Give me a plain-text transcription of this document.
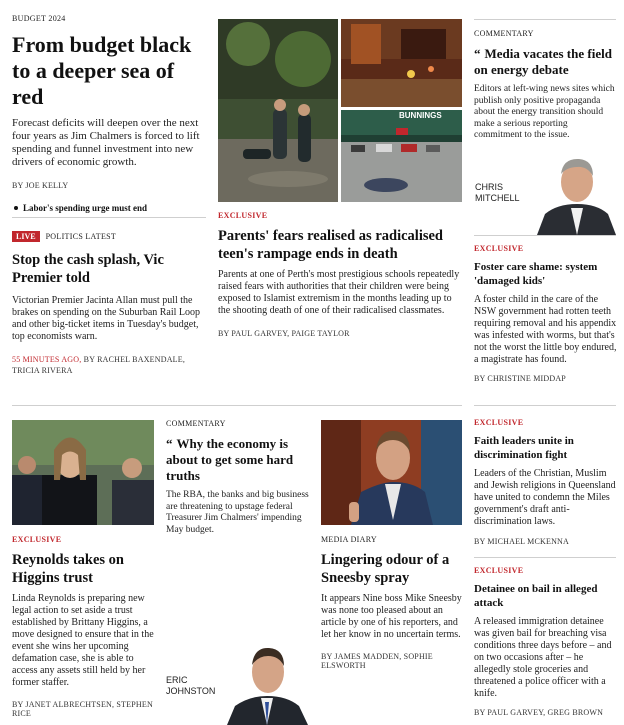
BUDGET 2024
From budget black to a deeper sea of red

Forecast deficits will deepen over the next four years as Jim Chalmers is forced to lift spending and funnel investment into new drivers of economic growth.

BY JOE KELLY
Labor's spending urge must end
LIVE	POLITICS LATEST
Stop the cash splash, Vic Premier told

Victorian Premier Jacinta Allan must pull the brakes on spending on the Suburban Rail Loop and other big-ticket items in Tuesday's budget, top economists warn.

55 MINUTES AGO, BY RACHEL BAXENDALE, TRICIA RIVERA
BUNNINGS
EXCLUSIVE
Parents' fears realised as radicalised teen's rampage ends in death

Parents at one of Perth's most prestigious schools repeatedly raised fears with authorities that their children were being exposed to Islamist extremism in the months leading up to the shooting death of one of their radicalised classmates.

BY PAUL GARVEY, PAIGE TAYLOR
COMMENTARY
“ Media vacates the field on energy debate

Editors at left-wing news sites which publish only positive propaganda about the energy transition should make a serious reporting commitment to the issue.

CHRIS
MITCHELL
EXCLUSIVE
Foster care shame: system 'damaged kids'

A foster child in the care of the NSW government had rotten teeth requiring removal and his appendix was infested with worms, but that's not the worst the little boy endured, a magistrate has found.

BY CHRISTINE MIDDAP
EXCLUSIVE
Reynolds takes on Higgins trust

Linda Reynolds is preparing new legal action to set aside a trust established by Brittany Higgins, a move designed to ensure that in the event she wins her upcoming defamation case, she is able to access any assets still held by her former staffer.

BY JANET ALBRECHTSEN, STEPHEN RICE
COMMENTARY
“ Why the economy is about to get some hard truths

The RBA, the banks and big business are threatening to upstage federal Treasurer Jim Chalmers' impending May budget.

ERIC
JOHNSTON
MEDIA DIARY
Lingering odour of a Sneesby spray

It appears Nine boss Mike Sneesby was none too pleased about an article by one of his reporters, and let her know in no uncertain terms.

BY JAMES MADDEN, SOPHIE ELSWORTH
EXCLUSIVE
Faith leaders unite in discrimination fight

Leaders of the Christian, Muslim and Jewish religions in Queensland have united to condemn the Miles government's draft anti-discrimination laws.

BY MICHAEL MCKENNA
EXCLUSIVE
Detainee on bail in alleged attack

A released immigration detainee was given bail for breaching visa conditions three days before – and on two occasions after – he allegedly stole groceries and threatened a police officer with a knife.

BY PAUL GARVEY, GREG BROWN
